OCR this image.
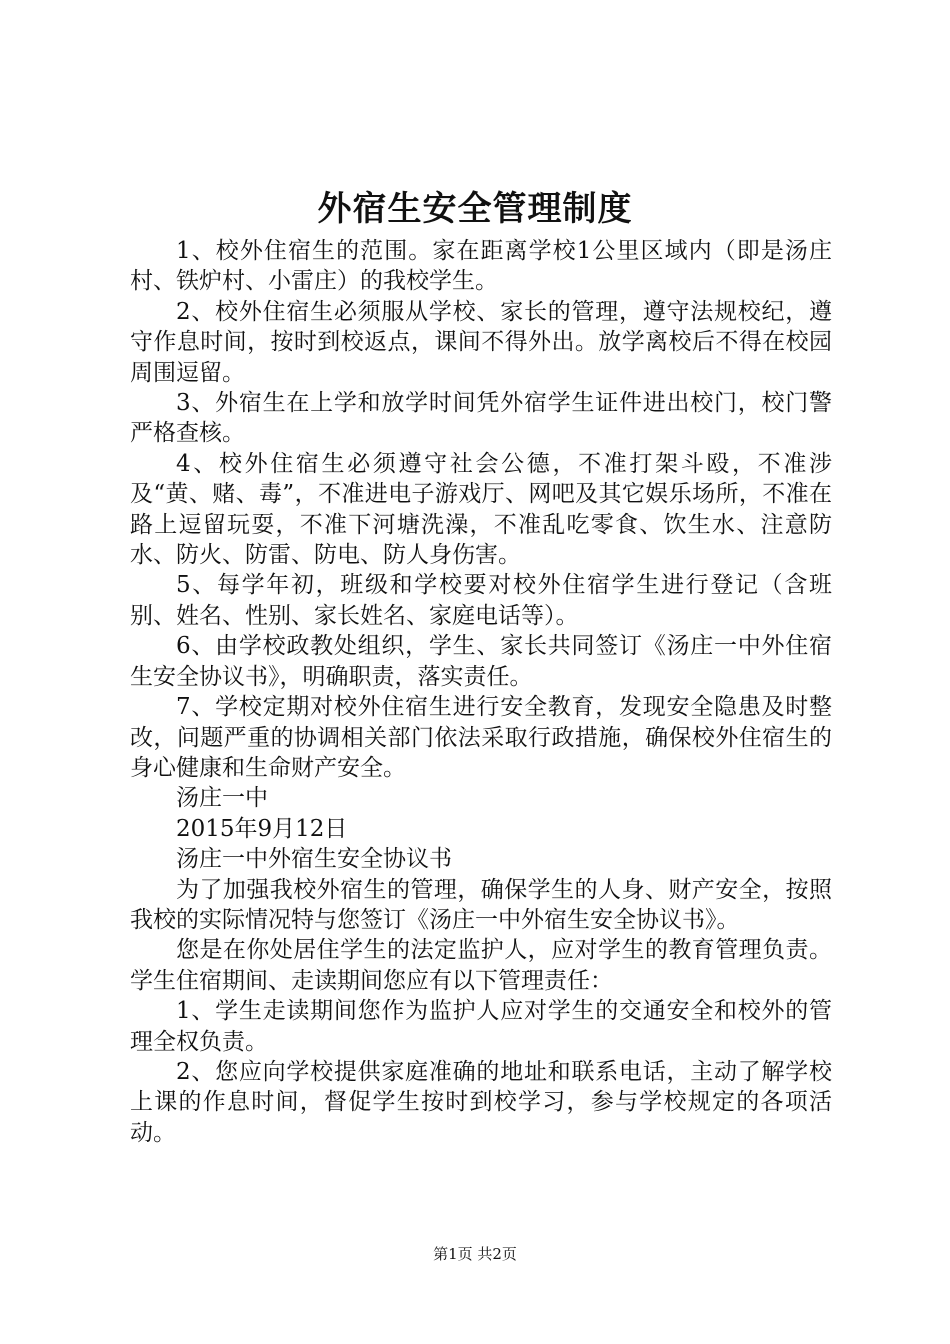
外宿生安全管理制度

1、校外住宿生的范围。家在距离学校1公里区域内（即是汤庄村、铁炉村、小雷庄）的我校学生。

2、校外住宿生必须服从学校、家长的管理，遵守法规校纪，遵守作息时间，按时到校返点，课间不得外出。放学离校后不得在校园周围逗留。

3、外宿生在上学和放学时间凭外宿学生证件进出校门，校门警严格查核。

4、校外住宿生必须遵守社会公德，不准打架斗殴，不准涉及“黄、赌、毒”，不准进电子游戏厅、网吧及其它娱乐场所，不准在路上逗留玩耍，不准下河塘洗澡，不准乱吃零食、饮生水、注意防水、防火、防雷、防电、防人身伤害。

5、每学年初，班级和学校要对校外住宿学生进行登记（含班别、姓名、性别、家长姓名、家庭电话等）。

6、由学校政教处组织，学生、家长共同签订《汤庄一中外住宿生安全协议书》，明确职责，落实责任。

7、学校定期对校外住宿生进行安全教育，发现安全隐患及时整改，问题严重的协调相关部门依法采取行政措施，确保校外住宿生的身心健康和生命财产安全。

汤庄一中

2015年9月12日

汤庄一中外宿生安全协议书

为了加强我校外宿生的管理，确保学生的人身、财产安全，按照我校的实际情况特与您签订《汤庄一中外宿生安全协议书》。

您是在你处居住学生的法定监护人，应对学生的教育管理负责。学生住宿期间、走读期间您应有以下管理责任：

1、学生走读期间您作为监护人应对学生的交通安全和校外的管理全权负责。

2、您应向学校提供家庭准确的地址和联系电话，主动了解学校上课的作息时间，督促学生按时到校学习，参与学校规定的各项活动。

第1页 共2页
